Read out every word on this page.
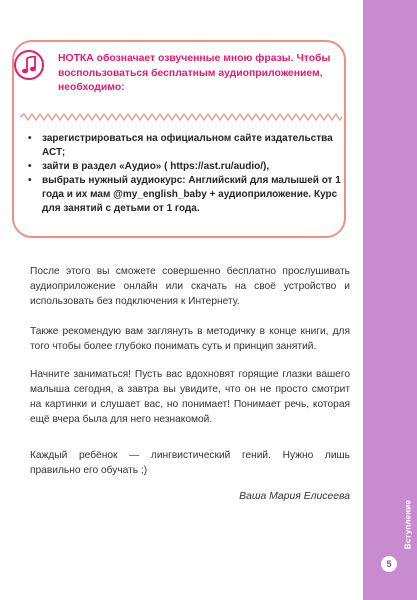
НОТКА обозначает озвученные мною фразы. Чтобы воспользоваться бесплатным аудиоприложением, необходимо:

• зарегистрироваться на официальном сайте издательства АСТ;
• зайти в раздел «Аудио» ( https://ast.ru/audio/),
• выбрать нужный аудиокурс: Английский для малышей от 1 года и их мам @my_english_baby + аудиоприложение. Курс для занятий с детьми от 1 года.

После этого вы сможете совершенно бесплатно прослушивать аудиоприложение онлайн или скачать на своё устройство и использовать без подключения к Интернету.

Также рекомендую вам заглянуть в методичку в конце книги, для того чтобы более глубоко понимать суть и принцип занятий.

Начните заниматься! Пусть вас вдохновят горящие глазки вашего малыша сегодня, а завтра вы увидите, что он не просто смотрит на картинки и слушает вас, но понимает! Понимает речь, которая ещё вчера была для него незнакомой.

Каждый ребёнок — лингвистический гений. Нужно лишь правильно его обучать ;)

Ваша Мария Елисеева

Вступление
5
